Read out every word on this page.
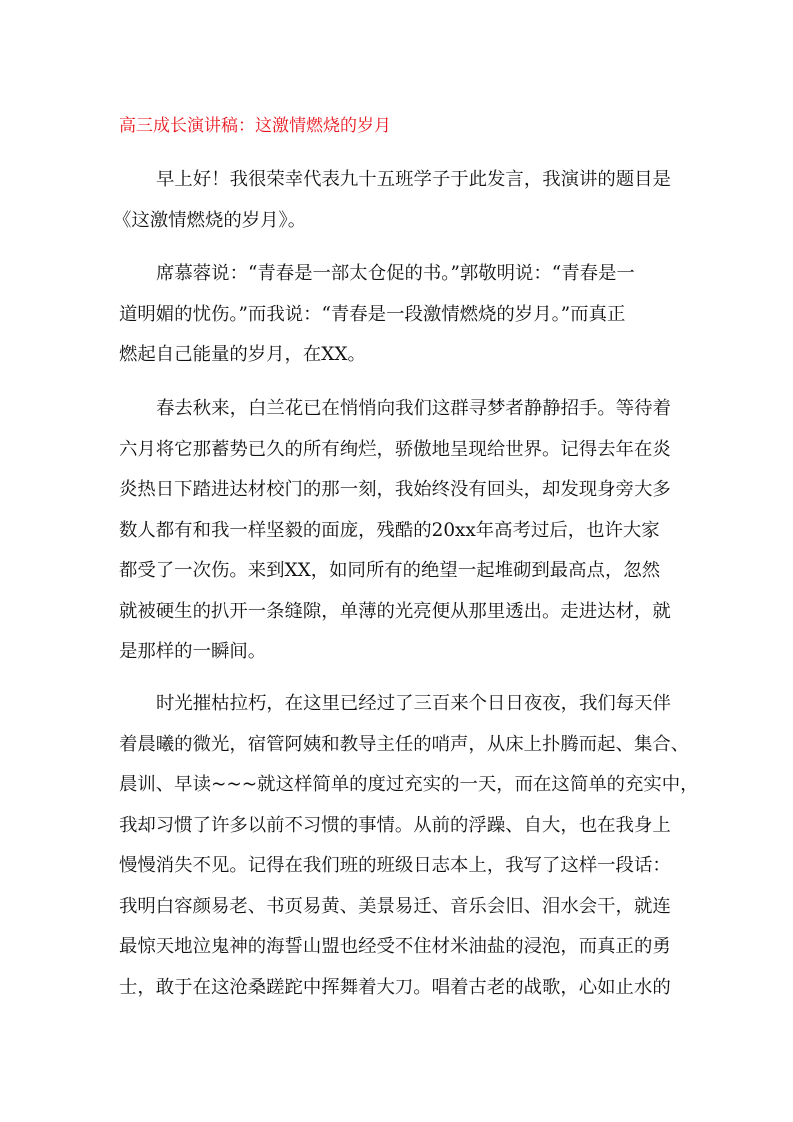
高三成长演讲稿：这激情燃烧的岁月

早上好！我很荣幸代表九十五班学子于此发言，我演讲的题目是
《这激情燃烧的岁月》。

席慕蓉说：“青春是一部太仓促的书。”郭敬明说：“青春是一
道明媚的忧伤。”而我说：“青春是一段激情燃烧的岁月。”而真正
燃起自己能量的岁月，在XX。

春去秋来，白兰花已在悄悄向我们这群寻梦者静静招手。等待着
六月将它那蓄势已久的所有绚烂，骄傲地呈现给世界。记得去年在炎
炎热日下踏进达材校门的那一刻，我始终没有回头，却发现身旁大多
数人都有和我一样坚毅的面庞，残酷的20xx年高考过后，也许大家
都受了一次伤。来到XX，如同所有的绝望一起堆砌到最高点，忽然
就被硬生的扒开一条缝隙，单薄的光亮便从那里透出。走进达材，就
是那样的一瞬间。

时光摧枯拉朽，在这里已经过了三百来个日日夜夜，我们每天伴
着晨曦的微光，宿管阿姨和教导主任的哨声，从床上扑腾而起、集合、
晨训、早读~~~就这样简单的度过充实的一天，而在这简单的充实中，
我却习惯了许多以前不习惯的事情。从前的浮躁、自大，也在我身上
慢慢消失不见。记得在我们班的班级日志本上，我写了这样一段话：
我明白容颜易老、书页易黄、美景易迁、音乐会旧、泪水会干，就连
最惊天地泣鬼神的海誓山盟也经受不住材米油盐的浸泡，而真正的勇
士，敢于在这沧桑蹉跎中挥舞着大刀。唱着古老的战歌，心如止水的
